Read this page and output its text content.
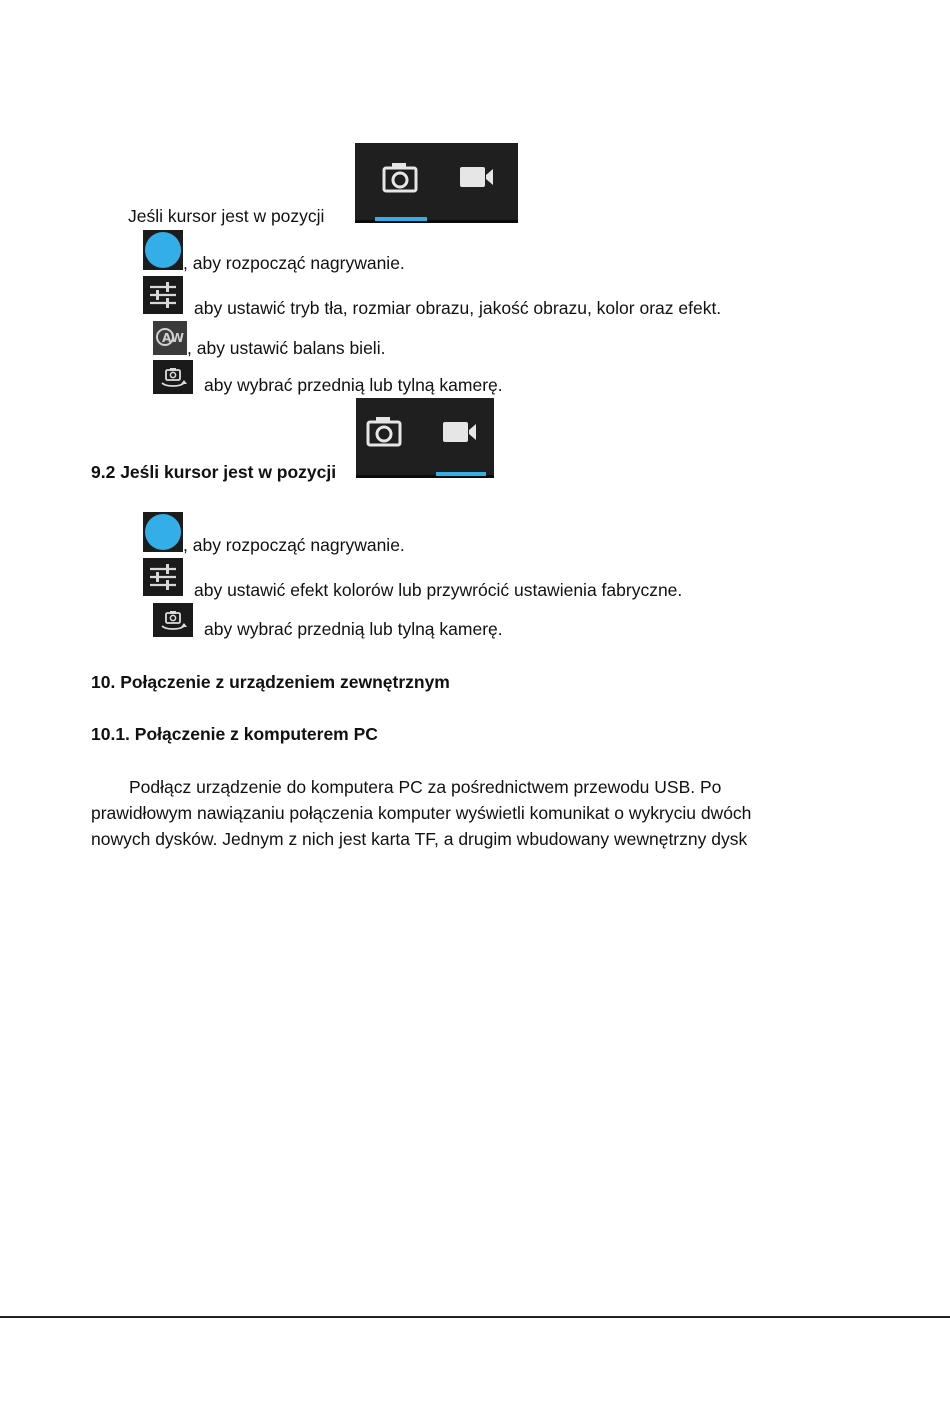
Jeśli kursor jest w pozycji
, aby rozpocząć nagrywanie.
aby ustawić tryb tła, rozmiar obrazu, jakość obrazu, kolor oraz efekt.
AW , aby ustawić balans bieli.
aby wybrać przednią lub tylną kamerę.
9.2 Jeśli kursor jest w pozycji
, aby rozpocząć nagrywanie.
aby ustawić efekt kolorów lub przywrócić ustawienia fabryczne.
aby wybrać przednią lub tylną kamerę.
10. Połączenie z urządzeniem zewnętrznym
10.1. Połączenie z komputerem PC
Podłącz urządzenie do komputera PC za pośrednictwem przewodu USB. Po
prawidłowym nawiązaniu połączenia komputer wyświetli komunikat o wykryciu dwóch
nowych dysków. Jednym z nich jest karta TF, a drugim wbudowany wewnętrzny dysk
